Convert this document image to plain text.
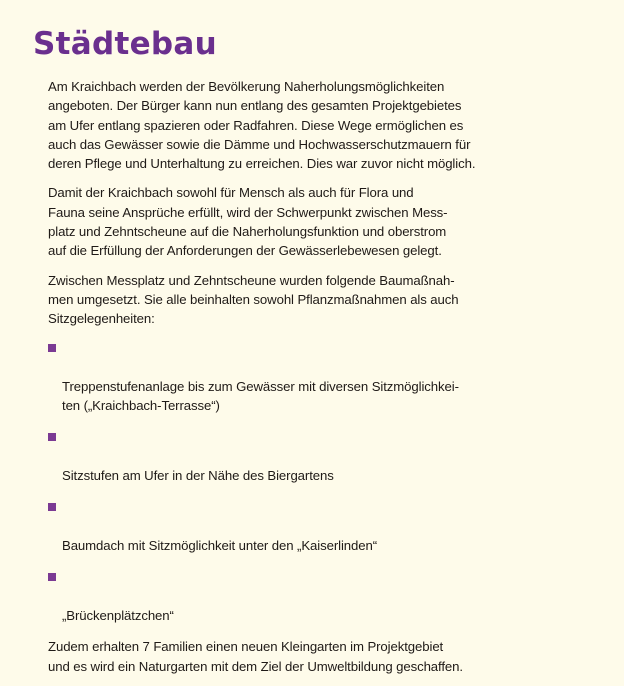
Städtebau

Am Kraichbach werden der Bevölkerung Naherholungsmöglichkeiten
angeboten. Der Bürger kann nun entlang des gesamten Projektgebietes
am Ufer entlang spazieren oder Radfahren. Diese Wege ermöglichen es
auch das Gewässer sowie die Dämme und Hochwasserschutzmauern für
deren Pflege und Unterhaltung zu erreichen. Dies war zuvor nicht möglich.

Damit der Kraichbach sowohl für Mensch als auch für Flora und
Fauna seine Ansprüche erfüllt, wird der Schwerpunkt zwischen Mess-
platz und Zehntscheune auf die Naherholungsfunktion und oberstrom
auf die Erfüllung der Anforderungen der Gewässerlebewesen gelegt.

Zwischen Messplatz und Zehntscheune wurden folgende Baumaßnah-
men umgesetzt. Sie alle beinhalten sowohl Pflanzmaßnahmen als auch
Sitzgelegenheiten:

Treppenstufenanlage bis zum Gewässer mit diversen Sitzmöglichkei-
ten („Kraichbach-Terrasse“)

Sitzstufen am Ufer in der Nähe des Biergartens

Baumdach mit Sitzmöglichkeit unter den „Kaiserlinden“

„Brückenplätzchen“

Zudem erhalten 7 Familien einen neuen Kleingarten im Projektgebiet
und es wird ein Naturgarten mit dem Ziel der Umweltbildung geschaffen.
